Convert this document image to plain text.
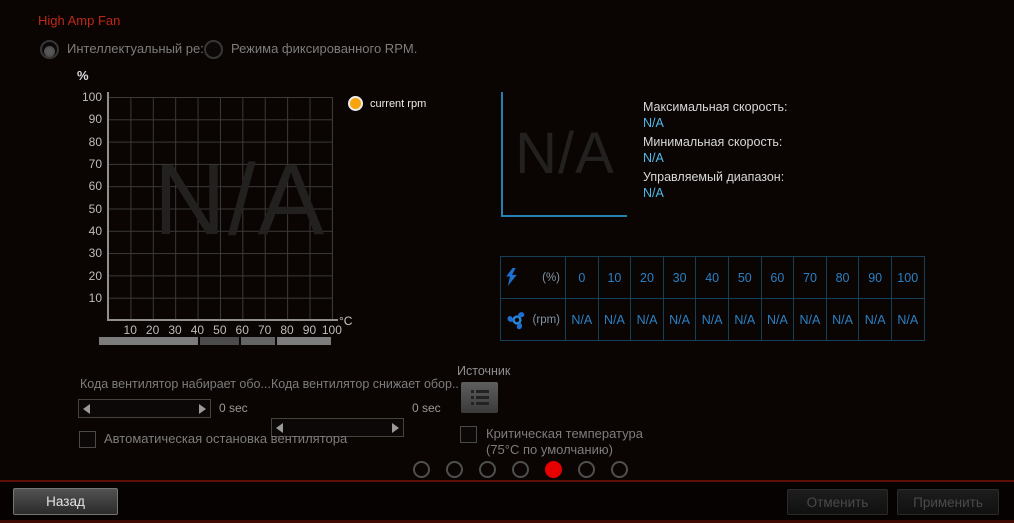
High Amp Fan
Интеллектуальный ре: Режима фиксированного RPM.
%
100
90
80
70
60
50
40
30
20
10
N/A
10 20 30 40 50 60 70 80 90 100
°C
current rpm
N/A
Максимальная скорость:
N/A
Минимальная скорость:
N/A
Управляемый диапазон:
N/A
(%)	0	10	20	30	40	50	60	70	80	90	100

(rpm)	N/A	N/A	N/A	N/A	N/A	N/A	N/A	N/A	N/A	N/A	N/A
Кода вентилятор набирает обо... Кода вентилятор снижает обор..
0 sec	0 sec
Источник
Автоматическая остановка вентилятора	Критическая температура
(75°C по умолчанию)
Назад	Отменить	Применить
